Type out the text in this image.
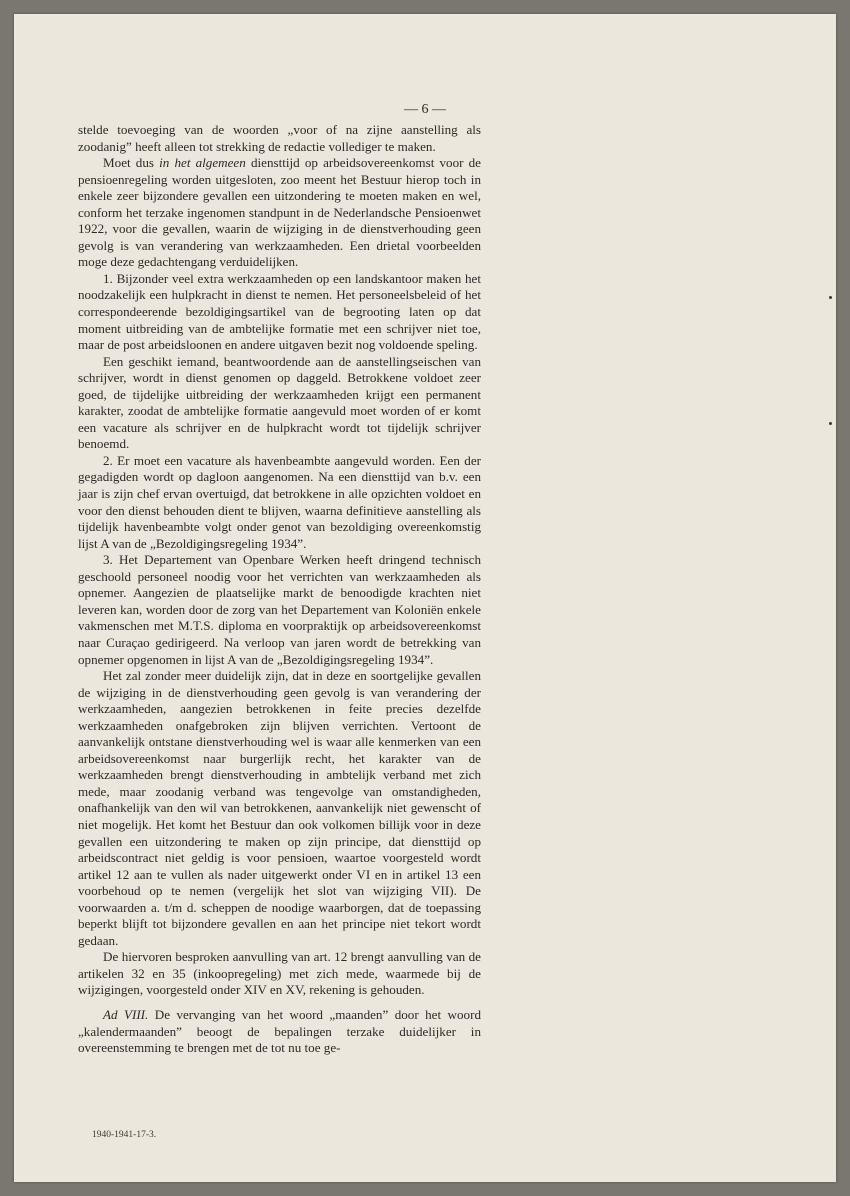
— 6 —

stelde toevoeging van de woorden „voor of na zijne aanstelling als zoodanig” heeft alleen tot strekking de redactie vollediger te maken.

Moet dus in het algemeen diensttijd op arbeidsovereenkomst voor de pensioenregeling worden uitgesloten, zoo meent het Bestuur hierop toch in enkele zeer bijzondere gevallen een uitzondering te moeten maken en wel, conform het terzake ingenomen standpunt in de Nederlandsche Pensioenwet 1922, voor die gevallen, waarin de wijziging in de dienstverhouding geen gevolg is van verandering van werkzaamheden. Een drietal voorbeelden moge deze gedachtengang verduidelijken.

1. Bijzonder veel extra werkzaamheden op een landskantoor maken het noodzakelijk een hulpkracht in dienst te nemen. Het personeelsbeleid of het correspondeerende bezoldigingsartikel van de begrooting laten op dat moment uitbreiding van de ambtelijke formatie met een schrijver niet toe, maar de post arbeidsloonen en andere uitgaven bezit nog voldoende speling.

Een geschikt iemand, beantwoordende aan de aanstellingseischen van schrijver, wordt in dienst genomen op daggeld. Betrokkene voldoet zeer goed, de tijdelijke uitbreiding der werkzaamheden krijgt een permanent karakter, zoodat de ambtelijke formatie aangevuld moet worden of er komt een vacature als schrijver en de hulpkracht wordt tot tijdelijk schrijver benoemd.

2. Er moet een vacature als havenbeambte aangevuld worden. Een der gegadigden wordt op dagloon aangenomen. Na een diensttijd van b.v. een jaar is zijn chef ervan overtuigd, dat betrokkene in alle opzichten voldoet en voor den dienst behouden dient te blijven, waarna definitieve aanstelling als tijdelijk havenbeambte volgt onder genot van bezoldiging overeenkomstig lijst A van de „Bezoldigingsregeling 1934”.

3. Het Departement van Openbare Werken heeft dringend technisch geschoold personeel noodig voor het verrichten van werkzaamheden als opnemer. Aangezien de plaatselijke markt de benoodigde krachten niet leveren kan, worden door de zorg van het Departement van Koloniën enkele vakmenschen met M.T.S. diploma en voorpraktijk op arbeidsovereenkomst naar Curaçao gedirigeerd. Na verloop van jaren wordt de betrekking van opnemer opgenomen in lijst A van de „Bezoldigingsregeling 1934”.

Het zal zonder meer duidelijk zijn, dat in deze en soortgelijke gevallen de wijziging in de dienstverhouding geen gevolg is van verandering der werkzaamheden, aangezien betrokkenen in feite precies dezelfde werkzaamheden onafgebroken zijn blijven verrichten. Vertoont de aanvankelijk ontstane dienstverhouding wel is waar alle kenmerken van een arbeidsovereenkomst naar burgerlijk recht, het karakter van de werkzaamheden brengt dienstverhouding in ambtelijk verband met zich mede, maar zoodanig verband was tengevolge van omstandigheden, onafhankelijk van den wil van betrokkenen, aanvankelijk niet gewenscht of niet mogelijk. Het komt het Bestuur dan ook volkomen billijk voor in deze gevallen een uitzondering te maken op zijn principe, dat diensttijd op arbeidscontract niet geldig is voor pensioen, waartoe voorgesteld wordt artikel 12 aan te vullen als nader uitgewerkt onder VI en in artikel 13 een voorbehoud op te nemen (vergelijk het slot van wijziging VII). De voorwaarden a. t/m d. scheppen de noodige waarborgen, dat de toepassing beperkt blijft tot bijzondere gevallen en aan het principe niet tekort wordt gedaan.

De hiervoren besproken aanvulling van art. 12 brengt aanvulling van de artikelen 32 en 35 (inkoopregeling) met zich mede, waarmede bij de wijzigingen, voorgesteld onder XIV en XV, rekening is gehouden.

Ad VIII. De vervanging van het woord „maanden” door het woord „kalendermaanden” beoogt de bepalingen terzake duidelijker in overeenstemming te brengen met de tot nu toe ge-

1940-1941-17-3.
